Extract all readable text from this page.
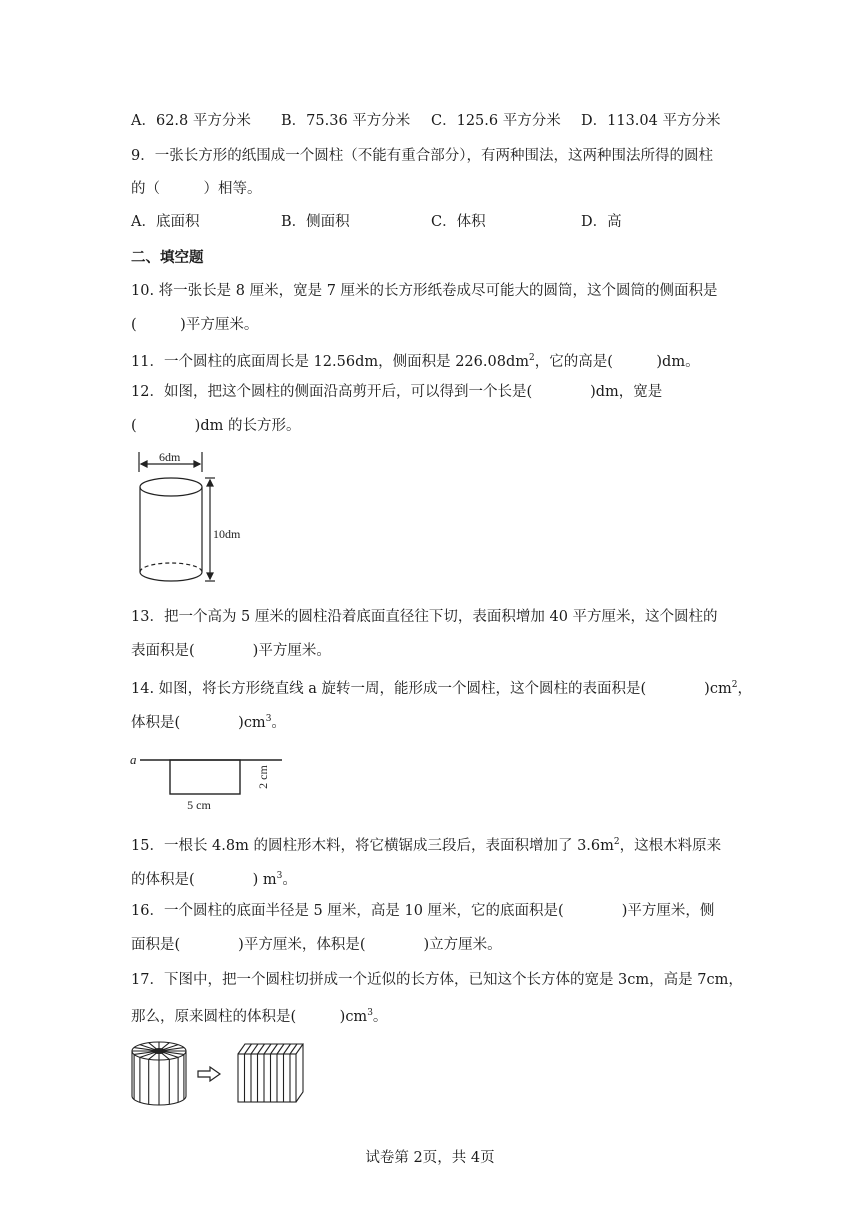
A．62.8 平方分米 B．75.36 平方分米 C．125.6 平方分米 D．113.04 平方分米
9．一张长方形的纸围成一个圆柱（不能有重合部分），有两种围法，这两种围法所得的圆柱
的（　　　）相等。
A．底面积	B．侧面积	C．体积	D．高
二、填空题
10. 将一张长是 8 厘米，宽是 7 厘米的长方形纸卷成尽可能大的圆筒，这个圆筒的侧面积是
(　　　)平方厘米。
11．一个圆柱的底面周长是 12.56dm，侧面积是 $226.08dm^2$，它的高是(　　　)dm。
12．如图，把这个圆柱的侧面沿高剪开后，可以得到一个长是(　　　　)dm，宽是
(　　　　)dm 的长方形。
6dm
10dm
13．把一个高为 5 厘米的圆柱沿着底面直径往下切，表面积增加 40 平方厘米，这个圆柱的
表面积是(　　　　)平方厘米。
14. 如图，将长方形绕直线 a 旋转一周，能形成一个圆柱，这个圆柱的表面积是(　　　　)$cm^2$，
体积是(　　　　)$cm^3$。
a
5 cm
2 cm
15．一根长 4.8m 的圆柱形木料，将它横锯成三段后，表面积增加了 $3.6m^2$，这根木料原来
的体积是(　　　　) $m^3$。
16．一个圆柱的底面半径是 5 厘米，高是 10 厘米，它的底面积是(　　　　)平方厘米，侧
面积是(　　　　)平方厘米，体积是(　　　　)立方厘米。
17．下图中，把一个圆柱切拼成一个近似的长方体，已知这个长方体的宽是 3cm，高是 7cm，
那么，原来圆柱的体积是(　　　)$cm^3$。
试卷第 2页，共 4页
